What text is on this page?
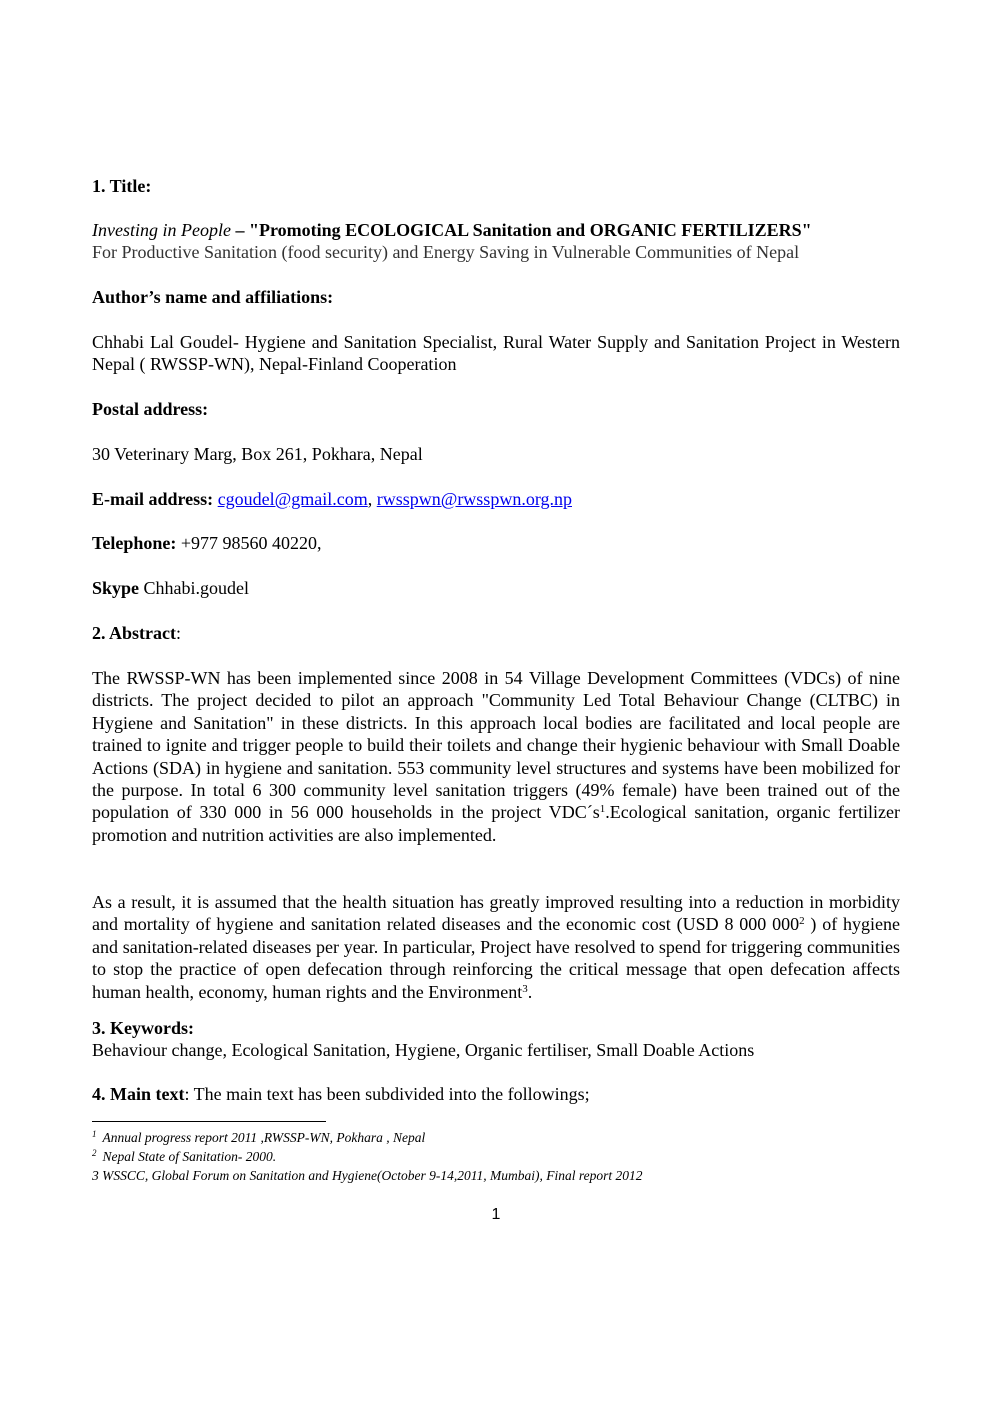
1. Title:
Investing in People – "Promoting ECOLOGICAL Sanitation and ORGANIC FERTILIZERS"
For Productive Sanitation (food security) and Energy Saving in Vulnerable Communities of Nepal
Author’s name and affiliations:
Chhabi Lal Goudel- Hygiene and Sanitation Specialist, Rural Water Supply and Sanitation Project in Western Nepal ( RWSSP-WN), Nepal-Finland Cooperation
Postal address:
30 Veterinary Marg, Box 261, Pokhara, Nepal
E-mail address: cgoudel@gmail.com, rwsspwn@rwsspwn.org.np
Telephone: +977 98560 40220,
Skype Chhabi.goudel
2. Abstract:
The RWSSP-WN has been implemented since 2008 in 54 Village Development Committees (VDCs) of nine districts. The project decided to pilot an approach "Community Led Total Behaviour Change (CLTBC) in Hygiene and Sanitation" in these districts. In this approach local bodies are facilitated and local people are trained to ignite and trigger people to build their toilets and change their hygienic behaviour with Small Doable Actions (SDA) in hygiene and sanitation. 553 community level structures and systems have been mobilized for the purpose. In total 6 300 community level sanitation triggers (49% female) have been trained out of the population of 330 000 in 56 000 households in the project $VDC´s^1.Ecological$ sanitation, organic fertilizer promotion and nutrition activities are also implemented.
As a result, it is assumed that the health situation has greatly improved resulting into a reduction in morbidity and mortality of hygiene and sanitation related diseases and the economic cost (USD 8 000 $000^2$ ) of hygiene and sanitation-related diseases per year. In particular, Project have resolved to spend for triggering communities to stop the practice of open defecation through reinforcing the critical message that open defecation affects human health, economy, human rights and the Environment$^3$.
3. Keywords:
Behaviour change, Ecological Sanitation, Hygiene, Organic fertiliser, Small Doable Actions
4. Main text: The main text has been subdivided into the followings;
$^1$ Annual progress report 2011 ,RWSSP-WN, Pokhara , Nepal
$^2$ Nepal State of Sanitation- 2000.
3 WSSCC, Global Forum on Sanitation and Hygiene(October 9-14,2011, Mumbai), Final report 2012
1
